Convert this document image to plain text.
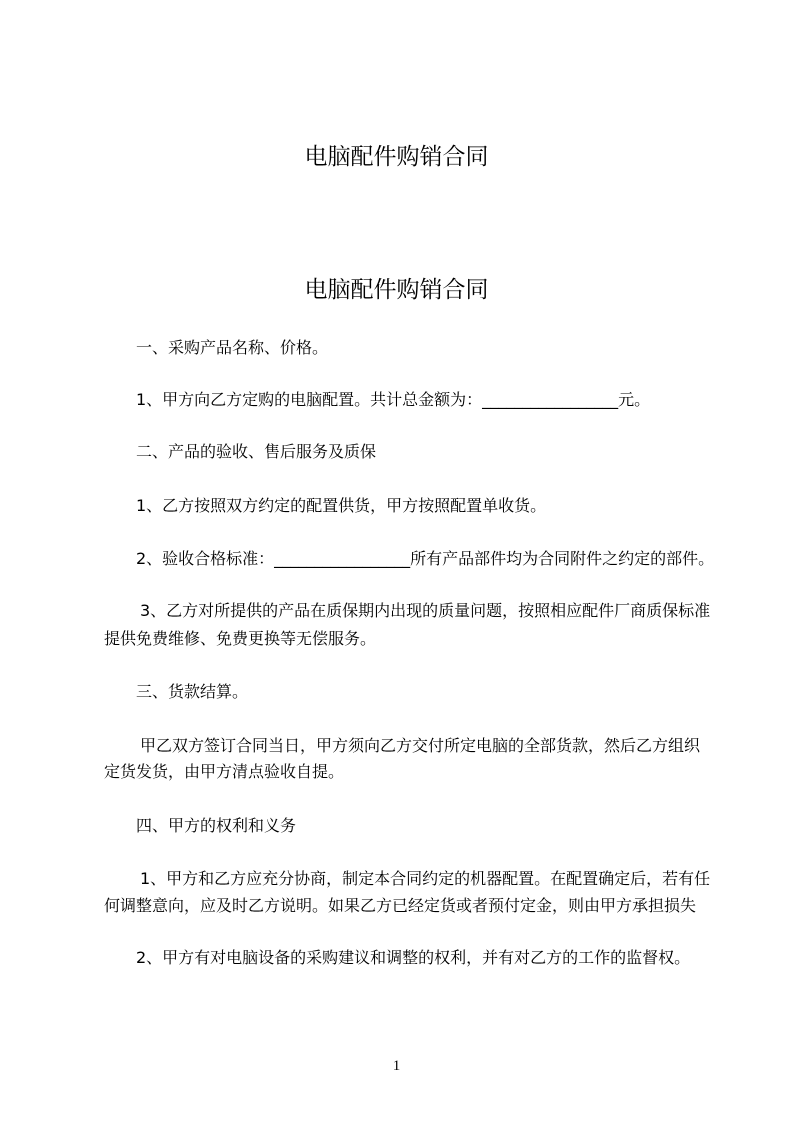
电脑配件购销合同
电脑配件购销合同
一、采购产品名称、价格。
1、甲方向乙方定购的电脑配置。共计总金额为：_________________元。
二、产品的验收、售后服务及质保
1、乙方按照双方约定的配置供货，甲方按照配置单收货。
2、验收合格标准：_________________所有产品部件均为合同附件之约定的部件。
3、乙方对所提供的产品在质保期内出现的质量问题，按照相应配件厂商质保标准
提供免费维修、免费更换等无偿服务。
三、货款结算。
甲乙双方签订合同当日，甲方须向乙方交付所定电脑的全部货款，然后乙方组织
定货发货，由甲方清点验收自提。
四、甲方的权利和义务
1、甲方和乙方应充分协商，制定本合同约定的机器配置。在配置确定后，若有任
何调整意向，应及时乙方说明。如果乙方已经定货或者预付定金，则由甲方承担损失
2、甲方有对电脑设备的采购建议和调整的权利，并有对乙方的工作的监督权。
1
